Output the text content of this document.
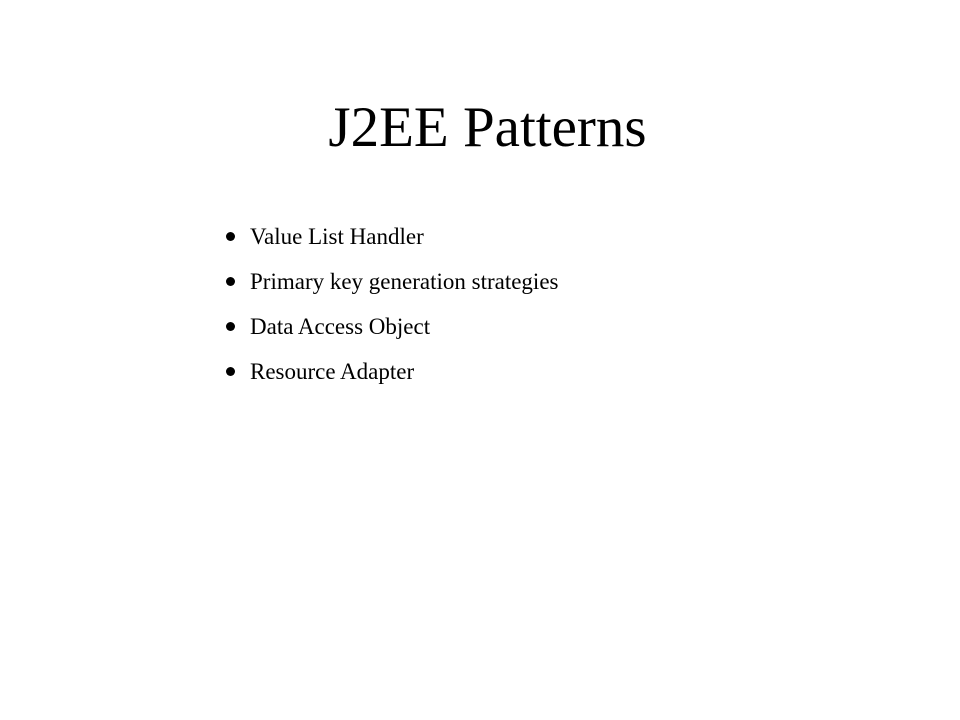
J2EE Patterns
Value List Handler
Primary key generation strategies
Data Access Object
Resource Adapter
